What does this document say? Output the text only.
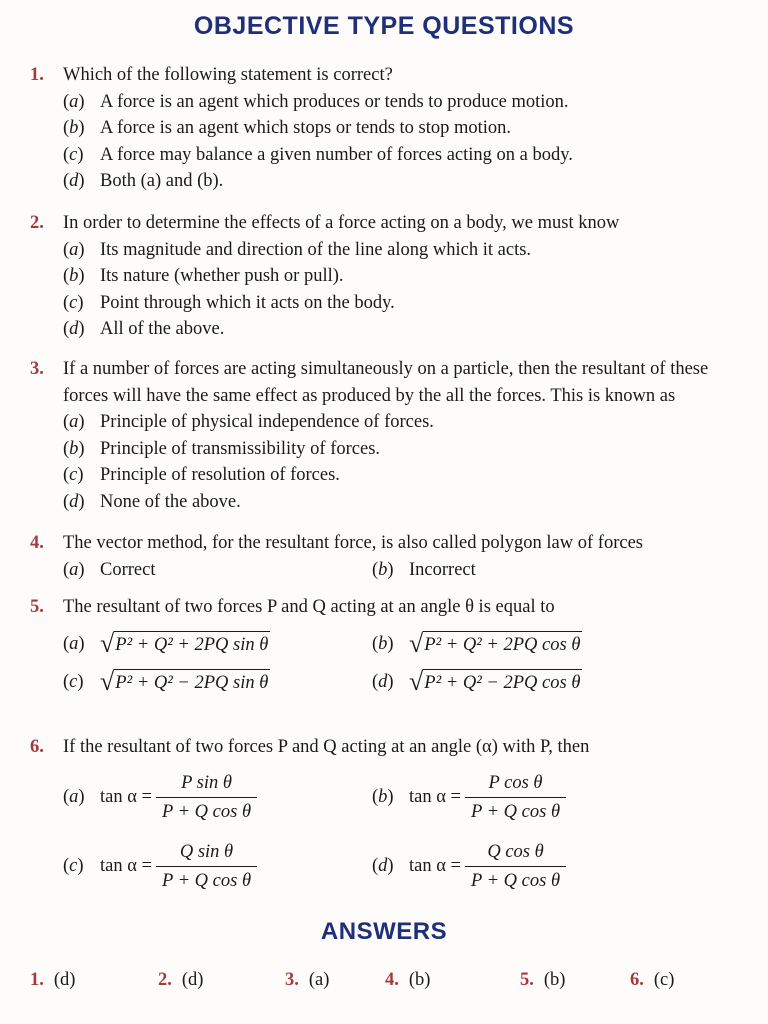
OBJECTIVE TYPE QUESTIONS
1.	Which of the following statement is correct?
(a) A force is an agent which produces or tends to produce motion.
(b) A force is an agent which stops or tends to stop motion.
(c) A force may balance a given number of forces acting on a body.
(d) Both (a) and (b).
2.	In order to determine the effects of a force acting on a body, we must know
(a) Its magnitude and direction of the line along which it acts.
(b) Its nature (whether push or pull).
(c) Point through which it acts on the body.
(d) All of the above.
3.	If a number of forces are acting simultaneously on a particle, then the resultant of these
forces will have the same effect as produced by the all the forces. This is known as
(a) Principle of physical independence of forces.
(b) Principle of transmissibility of forces.
(c) Principle of resolution of forces.
(d) None of the above.
4.	The vector method, for the resultant force, is also called polygon law of forces
(a) Correct	(b) Incorrect
5.	The resultant of two forces P and Q acting at an angle θ is equal to
(a) √ P² + Q² + 2PQ sin θ	(b) √ P² + Q² + 2PQ cos θ
(c) √ P² + Q² − 2PQ sin θ	(d) √ P² + Q² − 2PQ cos θ
6.	If the resultant of two forces P and Q acting at an angle (α) with P, then
(a) $\tan \alpha = \frac{\text{P sin θ}}{\text{P + Q cos θ}}$	(b) $\tan \alpha = \frac{\text{P cos θ}}{\text{P + Q cos θ}}$
(c) $\tan \alpha = \frac{\text{Q sin θ}}{\text{P + Q cos θ}}$	(d) $\tan \alpha = \frac{\text{Q cos θ}}{\text{P + Q cos θ}}$
ANSWERS
1. (d)	2. (d)	3. (a)	4. (b)	5. (b)	6. (c)
